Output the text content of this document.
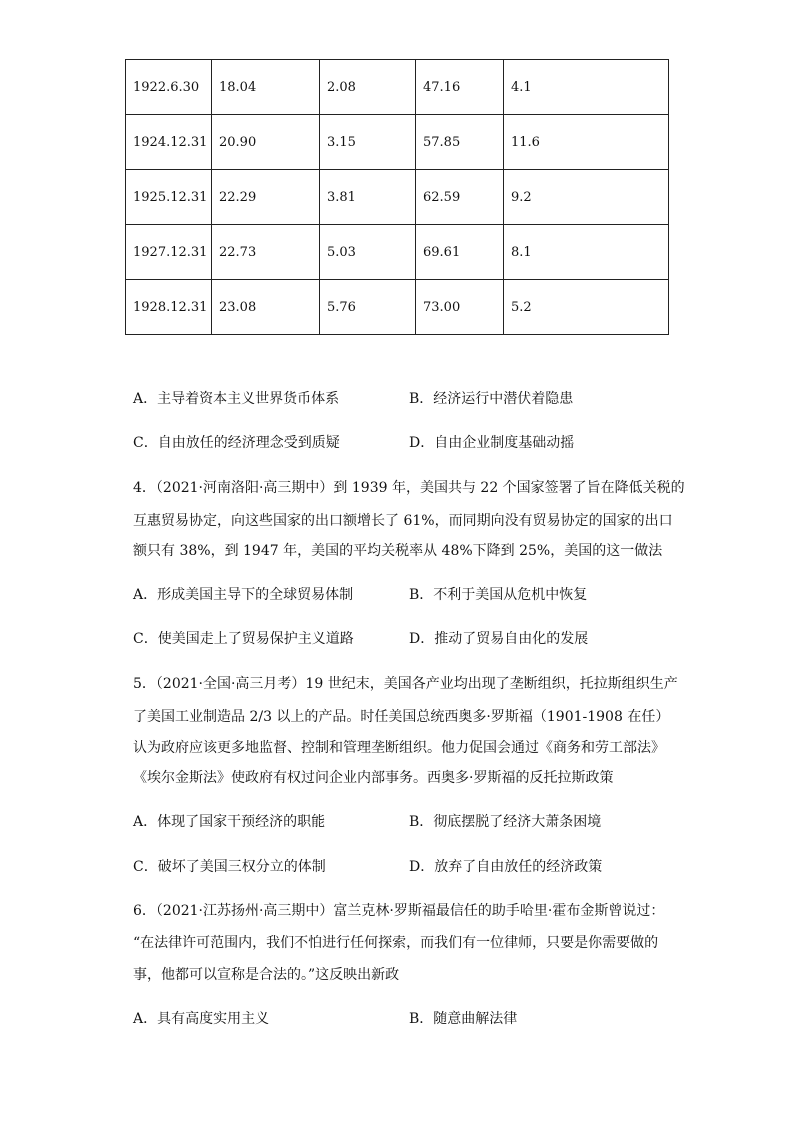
1922.6.30	18.04	2.08	47.16	4.1
1924.12.31	20.90	3.15	57.85	11.6
1925.12.31	22.29	3.81	62.59	9.2
1927.12.31	22.73	5.03	69.61	8.1
1928.12.31	23.08	5.76	73.00	5.2
A．主导着资本主义世界货币体系	B．经济运行中潜伏着隐患
C．自由放任的经济理念受到质疑	D．自由企业制度基础动摇
4．（2021·河南洛阳·高三期中）到 1939 年，美国共与 22 个国家签署了旨在降低关税的
互惠贸易协定，向这些国家的出口额增长了 61%，而同期向没有贸易协定的国家的出口
额只有 38%，到 1947 年，美国的平均关税率从 48%下降到 25%，美国的这一做法
A．形成美国主导下的全球贸易体制	B．不利于美国从危机中恢复
C．使美国走上了贸易保护主义道路	D．推动了贸易自由化的发展
5．（2021·全国·高三月考）19 世纪末，美国各产业均出现了垄断组织，托拉斯组织生产
了美国工业制造品 2/3 以上的产品。时任美国总统西奥多·罗斯福（1901-1908 在任）
认为政府应该更多地监督、控制和管理垄断组织。他力促国会通过《商务和劳工部法》
《埃尔金斯法》使政府有权过问企业内部事务。西奥多·罗斯福的反托拉斯政策
A．体现了国家干预经济的职能	B．彻底摆脱了经济大萧条困境
C．破坏了美国三权分立的体制	D．放弃了自由放任的经济政策
6．（2021·江苏扬州·高三期中）富兰克林·罗斯福最信任的助手哈里·霍布金斯曾说过：
“在法律许可范围内，我们不怕进行任何探索，而我们有一位律师，只要是你需要做的
事，他都可以宣称是合法的。”这反映出新政
A．具有高度实用主义	B．随意曲解法律
